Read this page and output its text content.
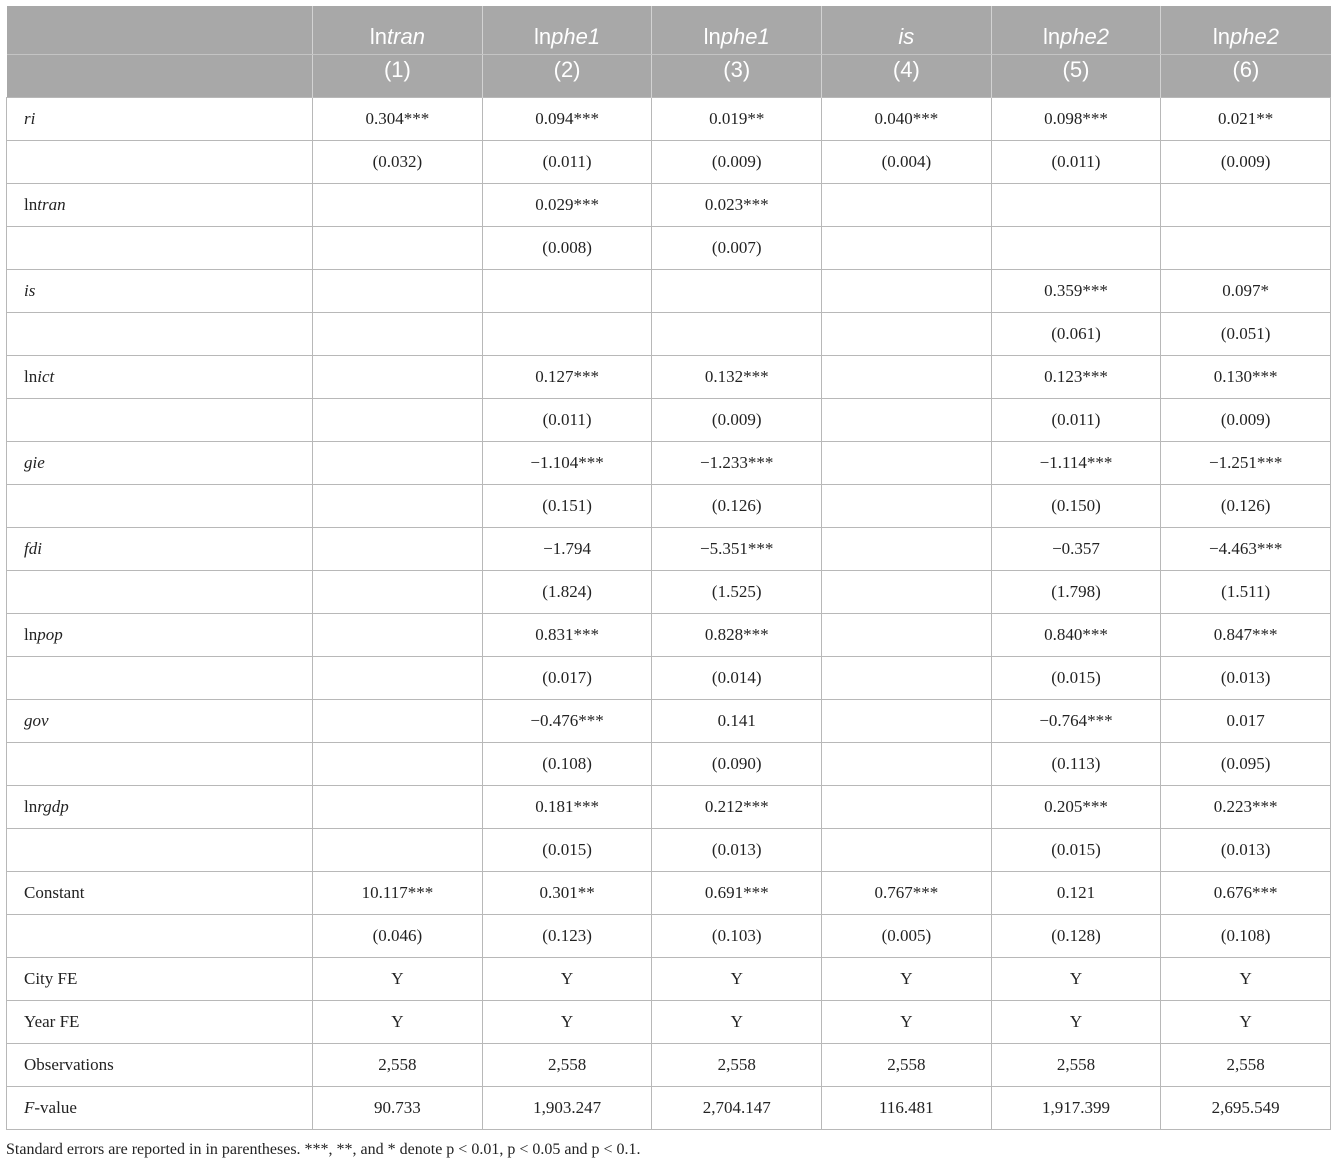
	lntran	lnphe1	lnphe1	is	lnphe2	lnphe2
	(1)	(2)	(3)	(4)	(5)	(6)
ri	0.304***	0.094***	0.019**	0.040***	0.098***	0.021**
	(0.032)	(0.011)	(0.009)	(0.004)	(0.011)	(0.009)
lntran		0.029***	0.023***			
		(0.008)	(0.007)			
is					0.359***	0.097*
					(0.061)	(0.051)
lnict		0.127***	0.132***		0.123***	0.130***
		(0.011)	(0.009)		(0.011)	(0.009)
gie		−1.104***	−1.233***		−1.114***	−1.251***
		(0.151)	(0.126)		(0.150)	(0.126)
fdi		−1.794	−5.351***		−0.357	−4.463***
		(1.824)	(1.525)		(1.798)	(1.511)
lnpop		0.831***	0.828***		0.840***	0.847***
		(0.017)	(0.014)		(0.015)	(0.013)
gov		−0.476***	0.141		−0.764***	0.017
		(0.108)	(0.090)		(0.113)	(0.095)
lnrgdp		0.181***	0.212***		0.205***	0.223***
		(0.015)	(0.013)		(0.015)	(0.013)
Constant	10.117***	0.301**	0.691***	0.767***	0.121	0.676***
	(0.046)	(0.123)	(0.103)	(0.005)	(0.128)	(0.108)
City FE	Y	Y	Y	Y	Y	Y
Year FE	Y	Y	Y	Y	Y	Y
Observations	2,558	2,558	2,558	2,558	2,558	2,558
F-value	90.733	1,903.247	2,704.147	116.481	1,917.399	2,695.549
Standard errors are reported in in parentheses. ***, **, and * denote p < 0.01, p < 0.05 and p < 0.1.
